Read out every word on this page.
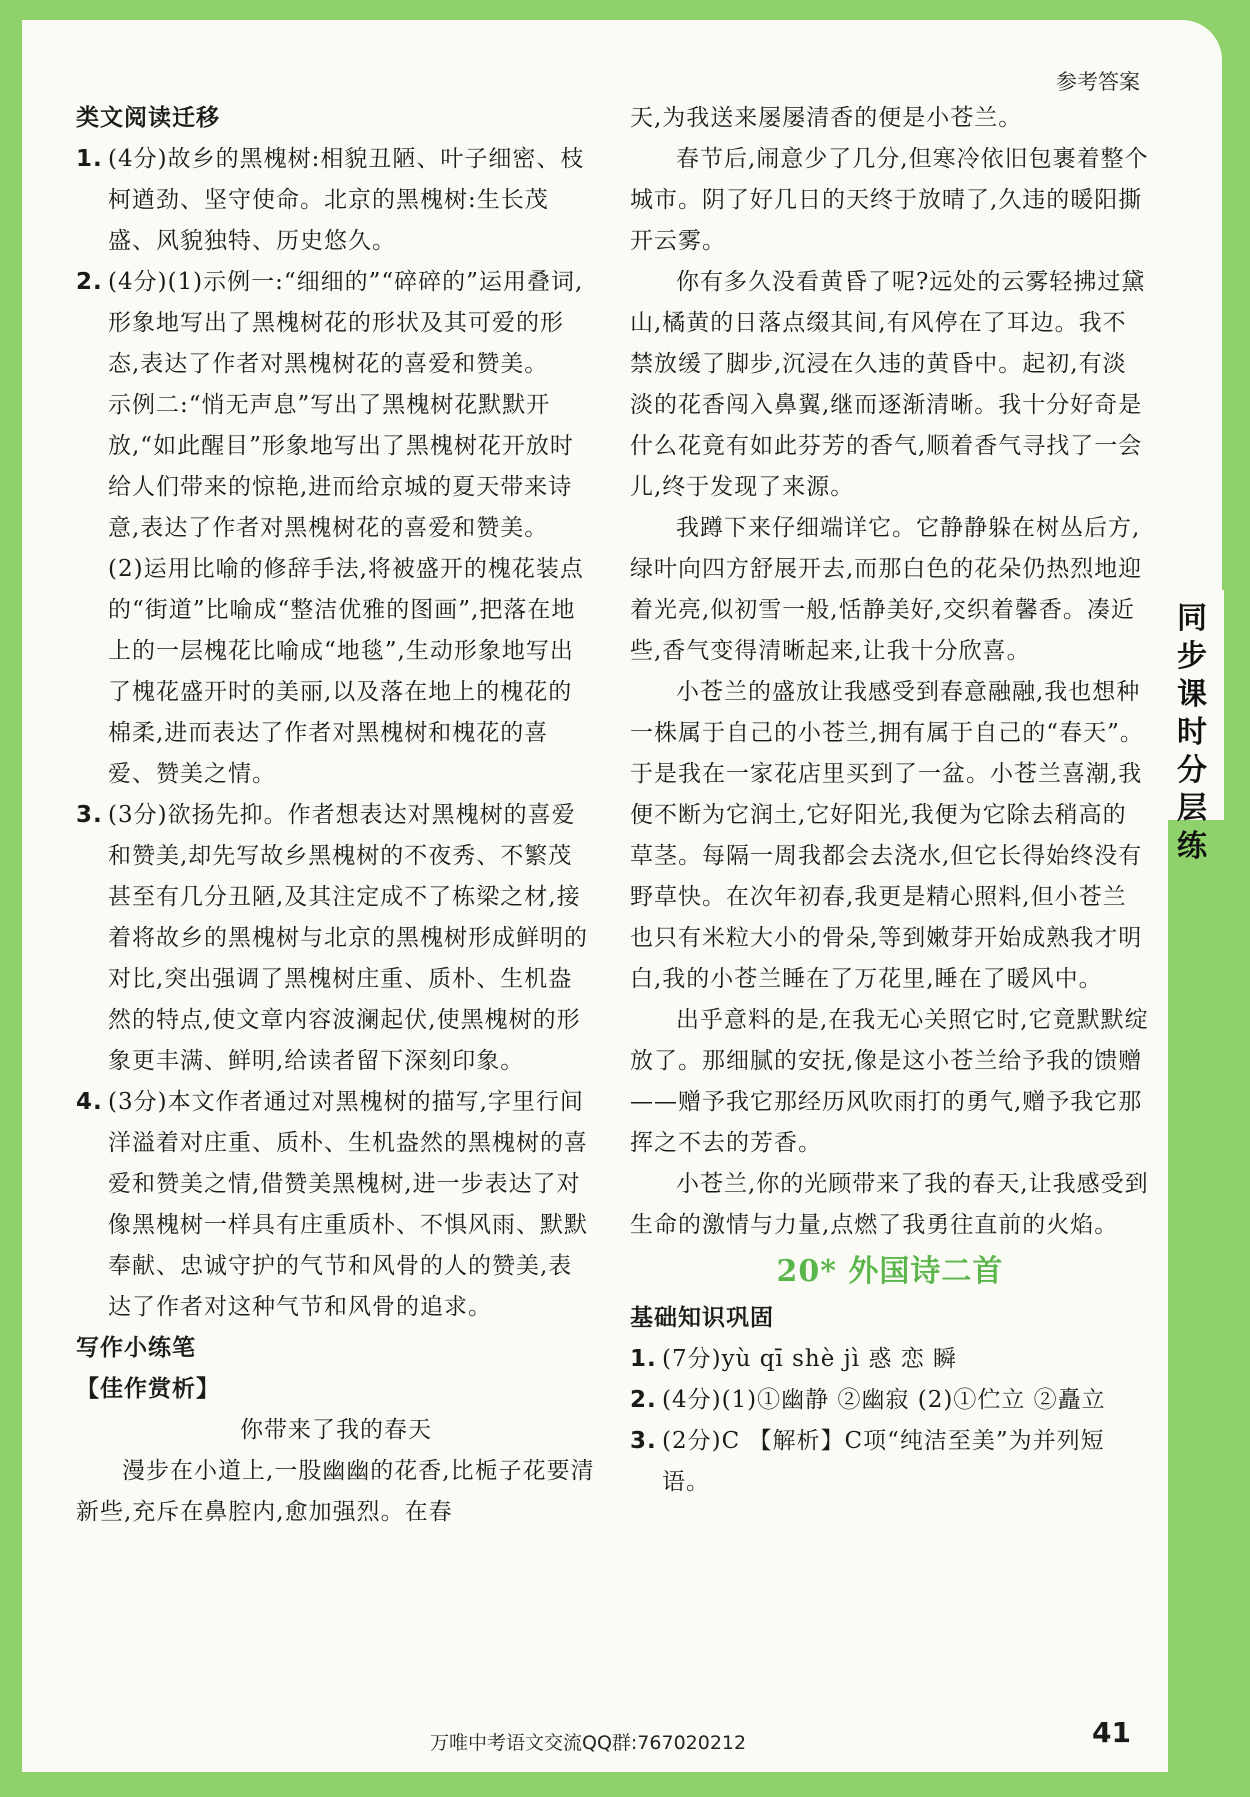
同步课时分层练
参考答案
类文阅读迁移
1. (4分)故乡的黑槐树:相貌丑陋、叶子细密、枝柯遒劲、坚守使命。北京的黑槐树:生长茂盛、风貌独特、历史悠久。
2. (4分)(1)示例一:“细细的”“碎碎的”运用叠词,形象地写出了黑槐树花的形状及其可爱的形态,表达了作者对黑槐树花的喜爱和赞美。
示例二:“悄无声息”写出了黑槐树花默默开放,“如此醒目”形象地写出了黑槐树花开放时给人们带来的惊艳,进而给京城的夏天带来诗意,表达了作者对黑槐树花的喜爱和赞美。
(2)运用比喻的修辞手法,将被盛开的槐花装点的“街道”比喻成“整洁优雅的图画”,把落在地上的一层槐花比喻成“地毯”,生动形象地写出了槐花盛开时的美丽,以及落在地上的槐花的棉柔,进而表达了作者对黑槐树和槐花的喜爱、赞美之情。
3. (3分)欲扬先抑。作者想表达对黑槐树的喜爱和赞美,却先写故乡黑槐树的不夜秀、不繁茂甚至有几分丑陋,及其注定成不了栋梁之材,接着将故乡的黑槐树与北京的黑槐树形成鲜明的对比,突出强调了黑槐树庄重、质朴、生机盎然的特点,使文章内容波澜起伏,使黑槐树的形象更丰满、鲜明,给读者留下深刻印象。
4. (3分)本文作者通过对黑槐树的描写,字里行间洋溢着对庄重、质朴、生机盎然的黑槐树的喜爱和赞美之情,借赞美黑槐树,进一步表达了对像黑槐树一样具有庄重质朴、不惧风雨、默默奉献、忠诚守护的气节和风骨的人的赞美,表达了作者对这种气节和风骨的追求。
写作小练笔
【佳作赏析】
你带来了我的春天
漫步在小道上,一股幽幽的花香,比栀子花要清新些,充斥在鼻腔内,愈加强烈。在春
天,为我送来屡屡清香的便是小苍兰。
春节后,闹意少了几分,但寒冷依旧包裹着整个城市。阴了好几日的天终于放晴了,久违的暖阳撕开云雾。
你有多久没看黄昏了呢?远处的云雾轻拂过黛山,橘黄的日落点缀其间,有风停在了耳边。我不禁放缓了脚步,沉浸在久违的黄昏中。起初,有淡淡的花香闯入鼻翼,继而逐渐清晰。我十分好奇是什么花竟有如此芬芳的香气,顺着香气寻找了一会儿,终于发现了来源。
我蹲下来仔细端详它。它静静躲在树丛后方,绿叶向四方舒展开去,而那白色的花朵仍热烈地迎着光亮,似初雪一般,恬静美好,交织着馨香。凑近些,香气变得清晰起来,让我十分欣喜。
小苍兰的盛放让我感受到春意融融,我也想种一株属于自己的小苍兰,拥有属于自己的“春天”。于是我在一家花店里买到了一盆。小苍兰喜潮,我便不断为它润土,它好阳光,我便为它除去稍高的草茎。每隔一周我都会去浇水,但它长得始终没有野草快。在次年初春,我更是精心照料,但小苍兰也只有米粒大小的骨朵,等到嫩芽开始成熟我才明白,我的小苍兰睡在了万花里,睡在了暖风中。
出乎意料的是,在我无心关照它时,它竟默默绽放了。那细腻的安抚,像是这小苍兰给予我的馈赠——赠予我它那经历风吹雨打的勇气,赠予我它那挥之不去的芳香。
小苍兰,你的光顾带来了我的春天,让我感受到生命的激情与力量,点燃了我勇往直前的火焰。
20* 外国诗二首
基础知识巩固
1. (7分)yù qī shè jì 惑 恋 瞬
2. (4分)(1)①幽静 ②幽寂 (2)①伫立 ②矗立
3. (2分)C 【解析】C项“纯洁至美”为并列短语。
万唯中考语文交流QQ群:767020212	41
